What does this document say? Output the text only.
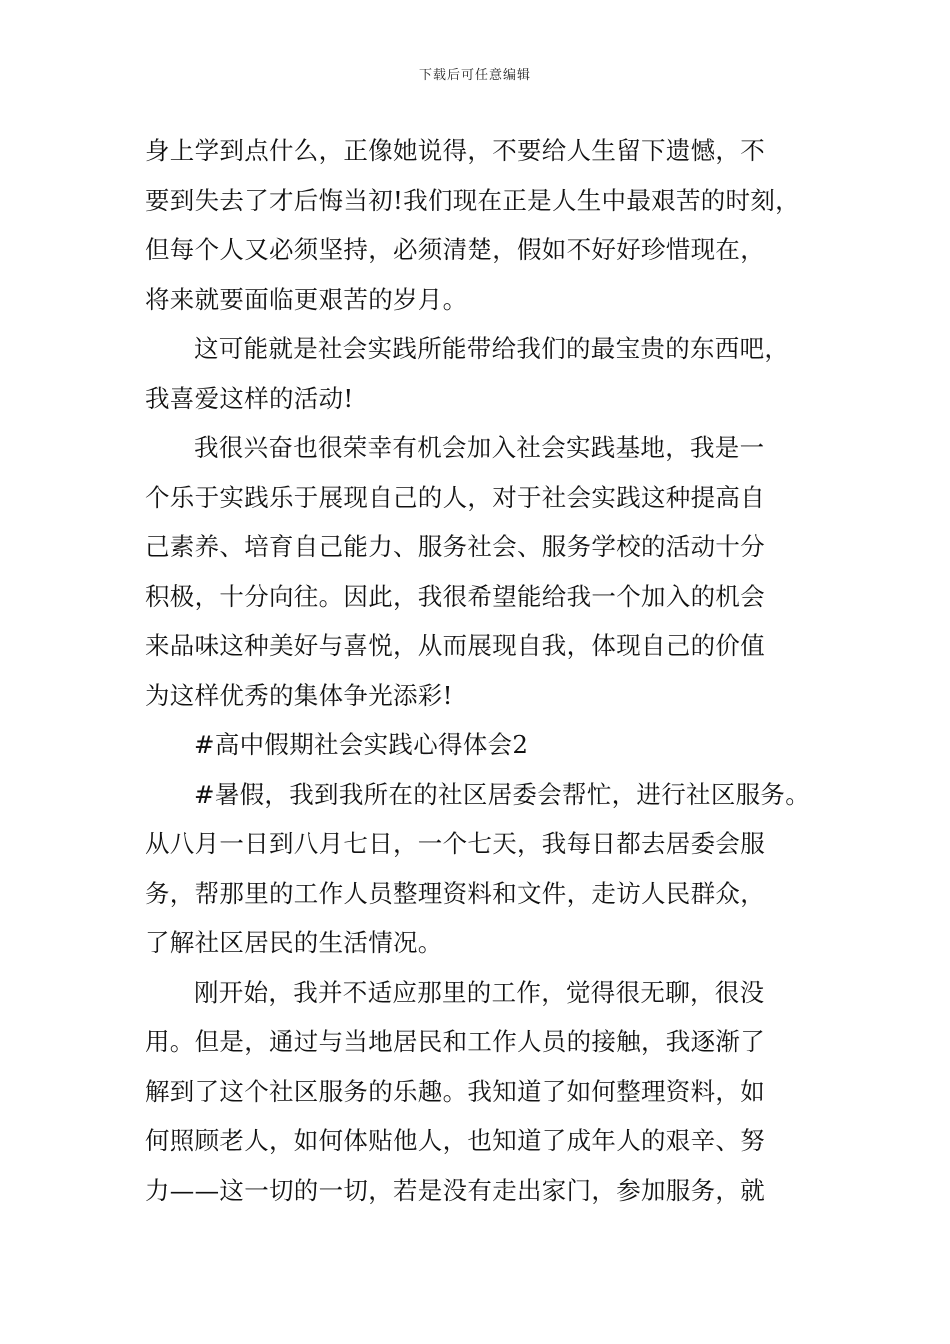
下载后可任意编辑
身上学到点什么，正像她说得，不要给人生留下遗憾，不
要到失去了才后悔当初!我们现在正是人生中最艰苦的时刻，
但每个人又必须坚持，必须清楚，假如不好好珍惜现在，
将来就要面临更艰苦的岁月。
这可能就是社会实践所能带给我们的最宝贵的东西吧，
我喜爱这样的活动!
我很兴奋也很荣幸有机会加入社会实践基地，我是一
个乐于实践乐于展现自己的人，对于社会实践这种提高自
己素养、培育自己能力、服务社会、服务学校的活动十分
积极，十分向往。因此，我很希望能给我一个加入的机会
来品味这种美好与喜悦，从而展现自我，体现自己的价值
为这样优秀的集体争光添彩!
#高中假期社会实践心得体会2
#暑假，我到我所在的社区居委会帮忙，进行社区服务。
从八月一日到八月七日，一个七天，我每日都去居委会服
务，帮那里的工作人员整理资料和文件，走访人民群众，
了解社区居民的生活情况。
刚开始，我并不适应那里的工作，觉得很无聊，很没
用。但是，通过与当地居民和工作人员的接触，我逐渐了
解到了这个社区服务的乐趣。我知道了如何整理资料，如
何照顾老人，如何体贴他人，也知道了成年人的艰辛、努
力——这一切的一切，若是没有走出家门，参加服务，就
